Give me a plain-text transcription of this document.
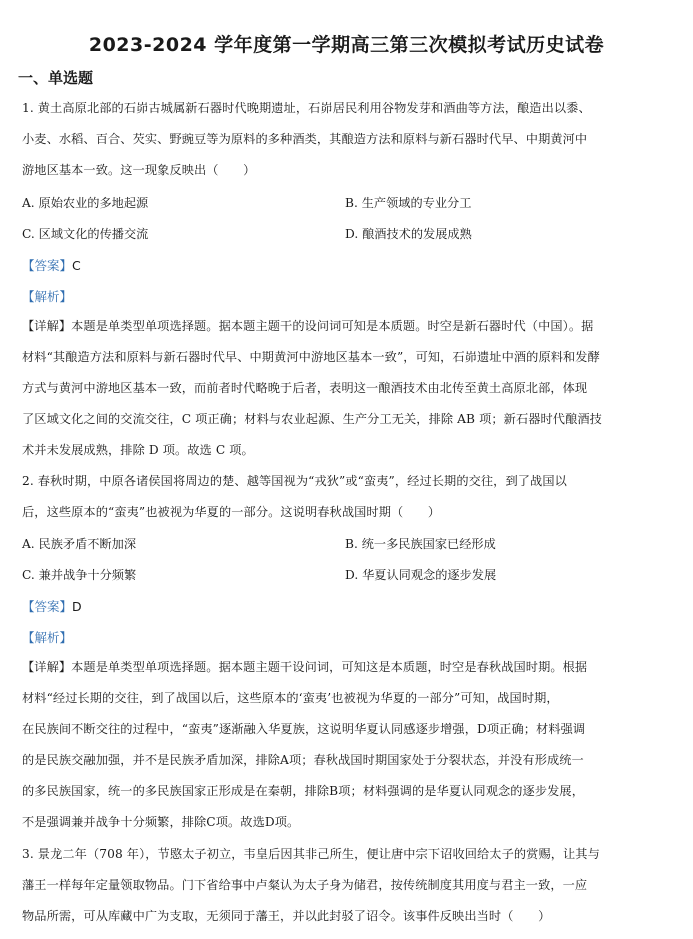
2023-2024 学年度第一学期高三第三次模拟考试历史试卷
一、单选题
1. 黄土高原北部的石峁古城属新石器时代晚期遗址，石峁居民利用谷物发芽和酒曲等方法，酿造出以黍、
小麦、水稻、百合、芡实、野豌豆等为原料的多种酒类，其酿造方法和原料与新石器时代早、中期黄河中
游地区基本一致。这一现象反映出（　　）
A. 原始农业的多地起源	B. 生产领域的专业分工
C. 区域文化的传播交流	D. 酿酒技术的发展成熟
【答案】C
【解析】
【详解】本题是单类型单项选择题。据本题主题干的设问词可知是本质题。时空是新石器时代（中国）。据
材料“其酿造方法和原料与新石器时代早、中期黄河中游地区基本一致”，可知，石峁遗址中酒的原料和发酵
方式与黄河中游地区基本一致，而前者时代略晚于后者，表明这一酿酒技术由北传至黄土高原北部，体现
了区域文化之间的交流交往，C 项正确；材料与农业起源、生产分工无关，排除 AB 项；新石器时代酿酒技
术并未发展成熟，排除 D 项。故选 C 项。
2. 春秋时期，中原各诸侯国将周边的楚、越等国视为“戎狄”或“蛮夷”，经过长期的交往，到了战国以
后，这些原本的“蛮夷”也被视为华夏的一部分。这说明春秋战国时期（　　）
A. 民族矛盾不断加深	B. 统一多民族国家已经形成
C. 兼并战争十分频繁	D. 华夏认同观念的逐步发展
【答案】D
【解析】
【详解】本题是单类型单项选择题。据本题主题干设问词，可知这是本质题，时空是春秋战国时期。根据
材料“经过长期的交往，到了战国以后，这些原本的‘蛮夷’也被视为华夏的一部分”可知，战国时期，
在民族间不断交往的过程中，“蛮夷”逐渐融入华夏族，这说明华夏认同感逐步增强，D项正确；材料强调
的是民族交融加强，并不是民族矛盾加深，排除A项；春秋战国时期国家处于分裂状态，并没有形成统一
的多民族国家，统一的多民族国家正形成是在秦朝，排除B项；材料强调的是华夏认同观念的逐步发展，
不是强调兼并战争十分频繁，排除C项。故选D项。
3. 景龙二年（708 年），节愍太子初立，韦皇后因其非己所生，便让唐中宗下诏收回给太子的赏赐，让其与
藩王一样每年定量领取物品。门下省给事中卢粲认为太子身为储君，按传统制度其用度与君主一致，一应
物品所需，可从库藏中广为支取，无须同于藩王，并以此封驳了诏令。该事件反映出当时（　　）
